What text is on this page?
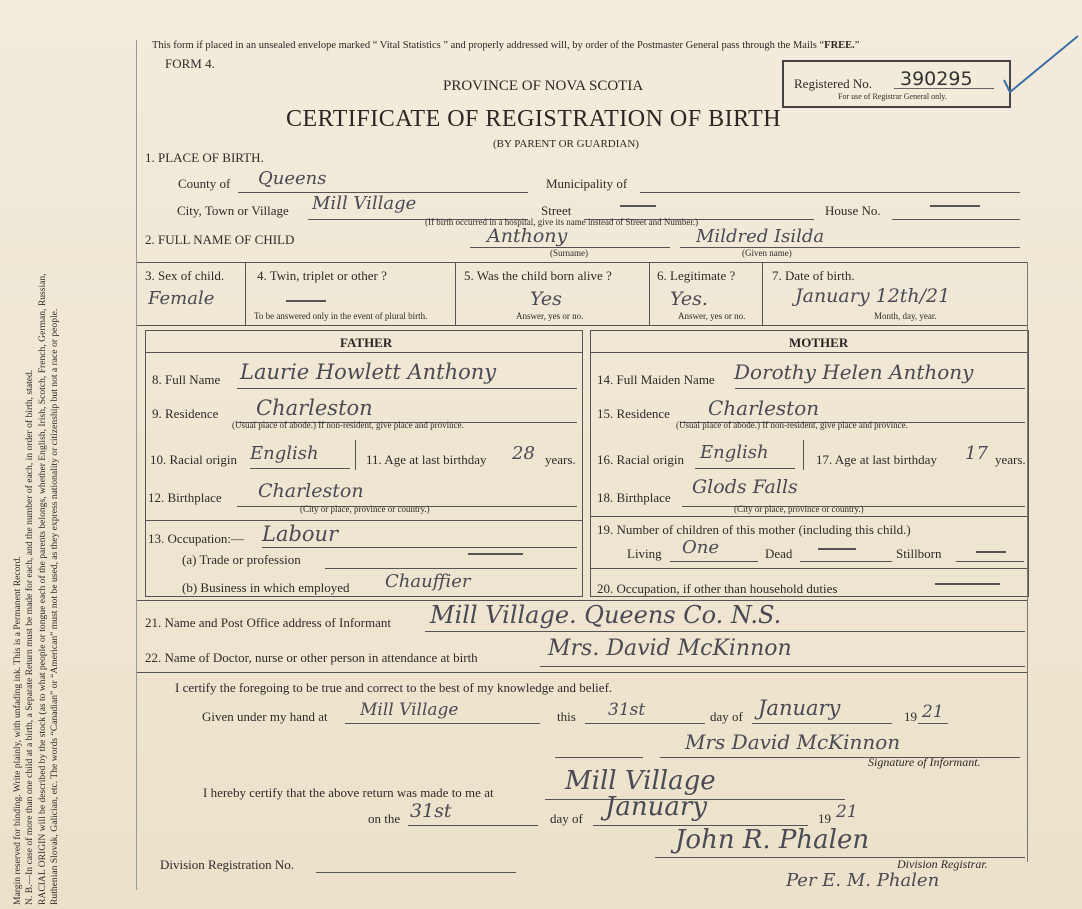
Margin reserved for binding. Write plainly, with unfading ink. This is a Permanent Record. N. B.—In case of more than one child at a birth, a Separate Return must be made for each, and the number of each, in order of birth, stated. RACIAL ORIGIN will be described by the stock (as to what people or tongue each of the parents belongs, whether English, Irish, Scotch, French, German, Russian, Ruthenian Slovak, Galician, etc. The words “Canadian” or “American” must not be used, as they express nationality or citizenship but not a race or people.
This form if placed in an unsealed envelope marked “ Vital Statistics ” and properly addressed will, by order of the Postmaster General pass through the Mails “FREE.”
FORM 4.
Registered No. 390295
For use of Registrar General only.
PROVINCE OF NOVA SCOTIA
CERTIFICATE OF REGISTRATION OF BIRTH
(BY PARENT OR GUARDIAN)
1. PLACE OF BIRTH.
County of Queens	Municipality of
City, Town or Village Mill Village	Street	House No.
(If birth occurred in a hospital, give its name instead of Street and Number.)
2. FULL NAME OF CHILD	Anthony	Mildred Isilda
(Surname)	(Given name)
3. Sex of child.
Female
4. Twin, triplet or other ?
To be answered only in the event of plural birth.
5. Was the child born alive ?
Yes
Answer, yes or no.
6. Legitimate ?
Yes.
Answer, yes or no.
7. Date of birth.
January 12th/21
Month, day, year.
FATHER	MOTHER
8. Full Name Laurie Howlett Anthony
9. Residence Charleston
(Usual place of abode.) If non-resident, give place and province.
10. Racial origin English	11. Age at last birthday 28 years.
12. Birthplace Charleston
(City or place, province or country.)
13. Occupation:— Labour
(a) Trade or profession
(b) Business in which employed Chauffier
14. Full Maiden Name Dorothy Helen Anthony
15. Residence Charleston
(Usual place of abode.) If non-resident, give place and province.
16. Racial origin English	17. Age at last birthday 17 years.
18. Birthplace Glods Falls
(City or place, province or country.)
19. Number of children of this mother (including this child.)
Living One	Dead	Stillborn
20. Occupation, if other than household duties
21. Name and Post Office address of Informant Mill Village. Queens Co. N.S.
22. Name of Doctor, nurse or other person in attendance at birth	Mrs. David McKinnon
I certify the foregoing to be true and correct to the best of my knowledge and belief.
Given under my hand at Mill Village	this 31st	day of January	19 21
Mrs David McKinnon
Signature of Informant.
I hereby certify that the above return was made to me at	Mill Village
on the 31st	day of January	19 21
Division Registration No.
John R. Phalen
Division Registrar.
Per E. M. Phalen
